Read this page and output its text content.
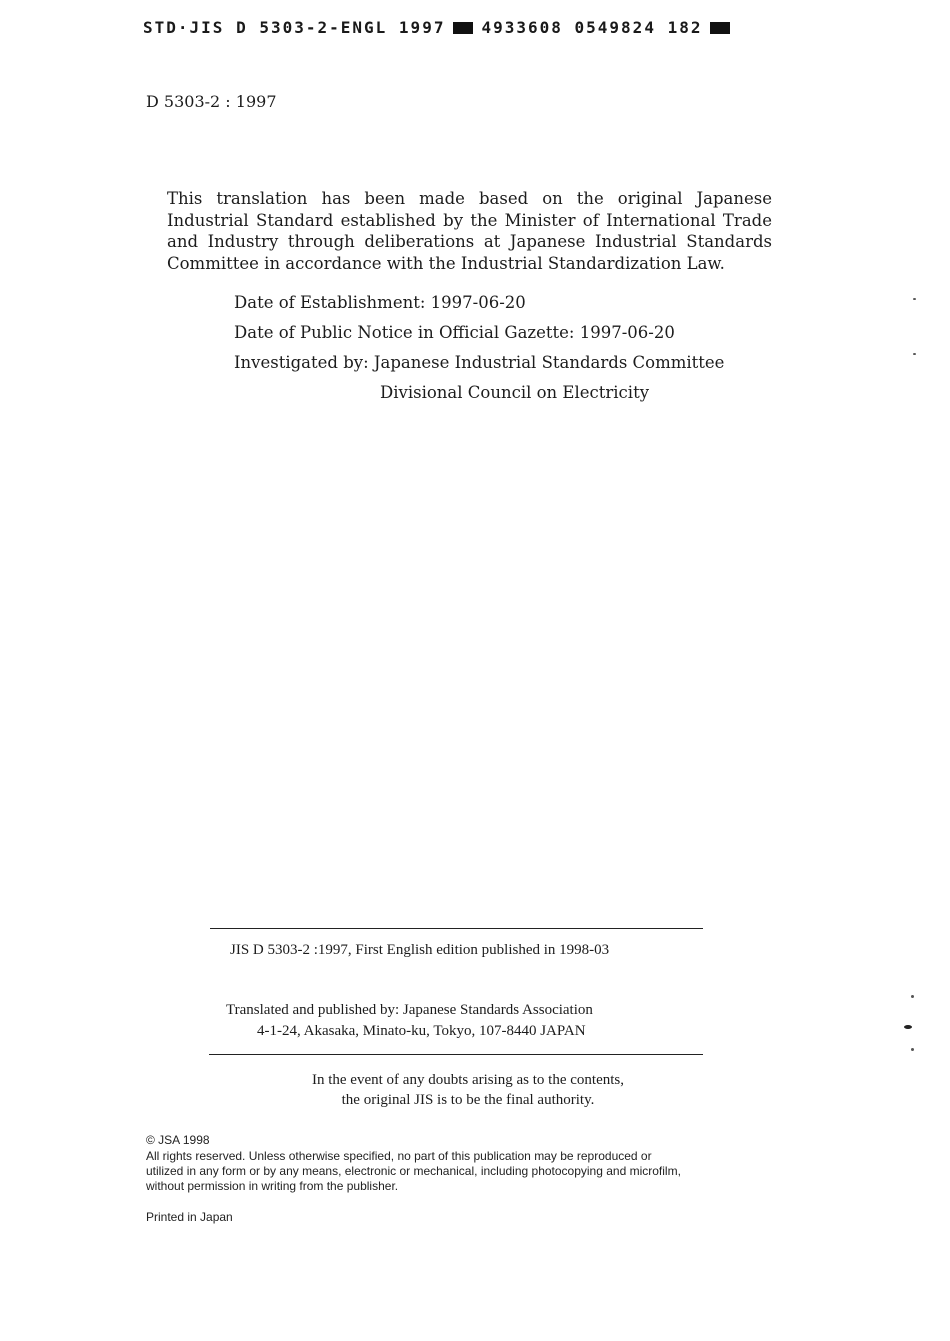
STD·JIS D 5303-2-ENGL 1997 4933608 0549824 182
D 5303-2 : 1997

This translation has been made based on the original Japanese Industrial Standard established by the Minister of International Trade and Industry through deliberations at Japanese Industrial Standards Committee in accordance with the Industrial Standardization Law.

Date of Establishment: 1997-06-20
Date of Public Notice in Official Gazette: 1997-06-20
Investigated by: Japanese Industrial Standards Committee
Divisional Council on Electricity
JIS D 5303-2 :1997, First English edition published in 1998-03
Translated and published by: Japanese Standards Association
4-1-24, Akasaka, Minato-ku, Tokyo, 107-8440 JAPAN
In the event of any doubts arising as to the contents,
the original JIS is to be the final authority.
© JSA 1998
All rights reserved. Unless otherwise specified, no part of this publication may be reproduced or
utilized in any form or by any means, electronic or mechanical, including photocopying and microfilm,
without permission in writing from the publisher.
Printed in Japan
